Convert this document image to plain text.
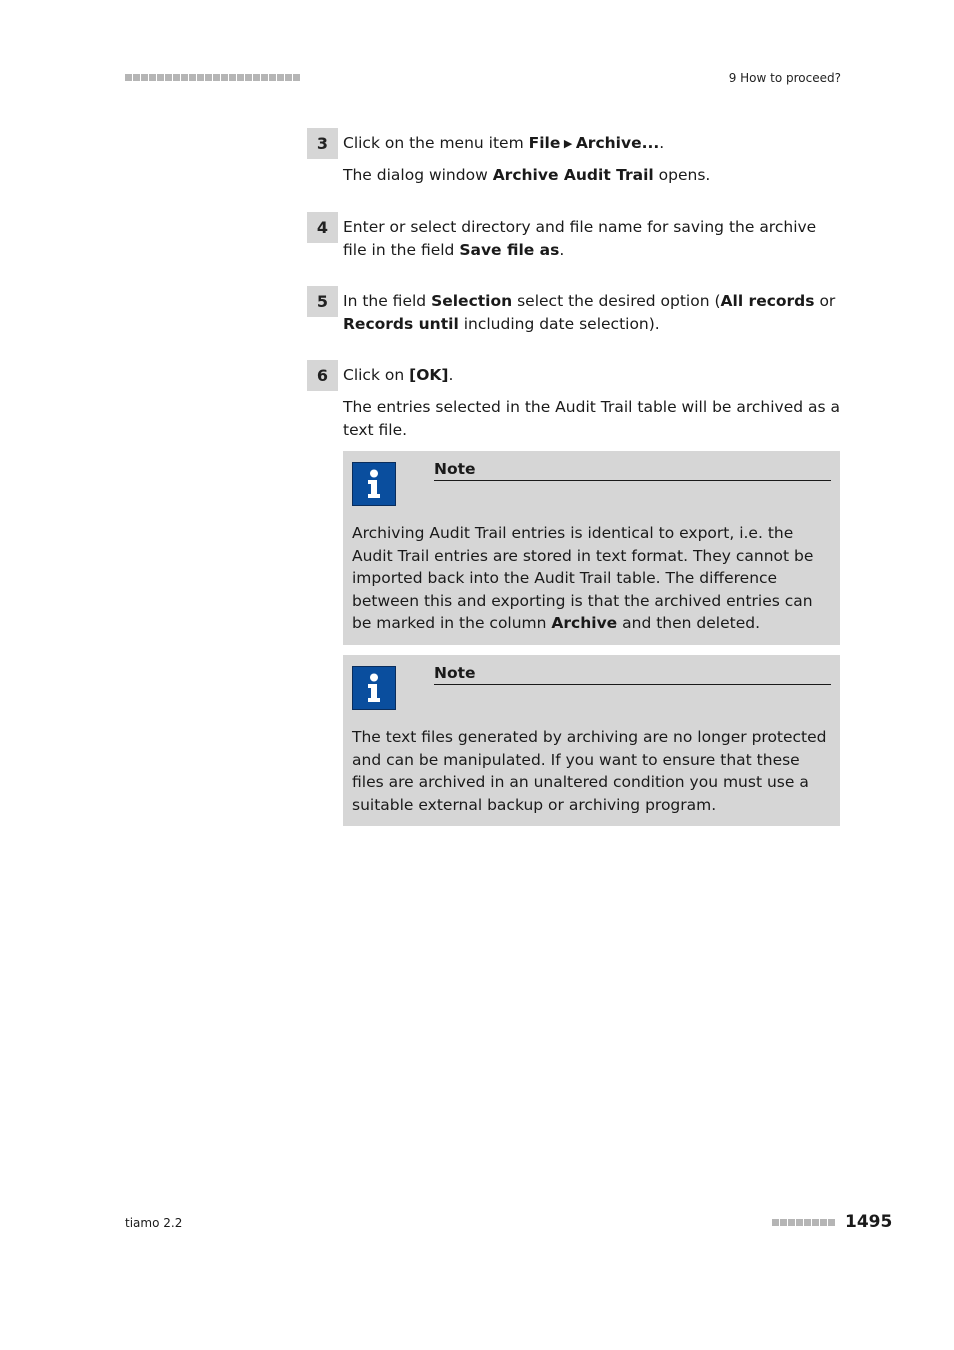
9 How to proceed?
3 Click on the menu item File ▶ Archive....
The dialog window Archive Audit Trail opens.
4 Enter or select directory and file name for saving the archive file in the field Save file as.
5 In the field Selection select the desired option (All records or Records until including date selection).
6 Click on [OK].
The entries selected in the Audit Trail table will be archived as a text file.
Note
Archiving Audit Trail entries is identical to export, i.e. the Audit Trail entries are stored in text format. They cannot be imported back into the Audit Trail table. The difference between this and exporting is that the archived entries can be marked in the column Archive and then deleted.
Note
The text files generated by archiving are no longer protected and can be manipulated. If you want to ensure that these files are archived in an unaltered condition you must use a suitable external backup or archiving program.
tiamo 2.2	1495
